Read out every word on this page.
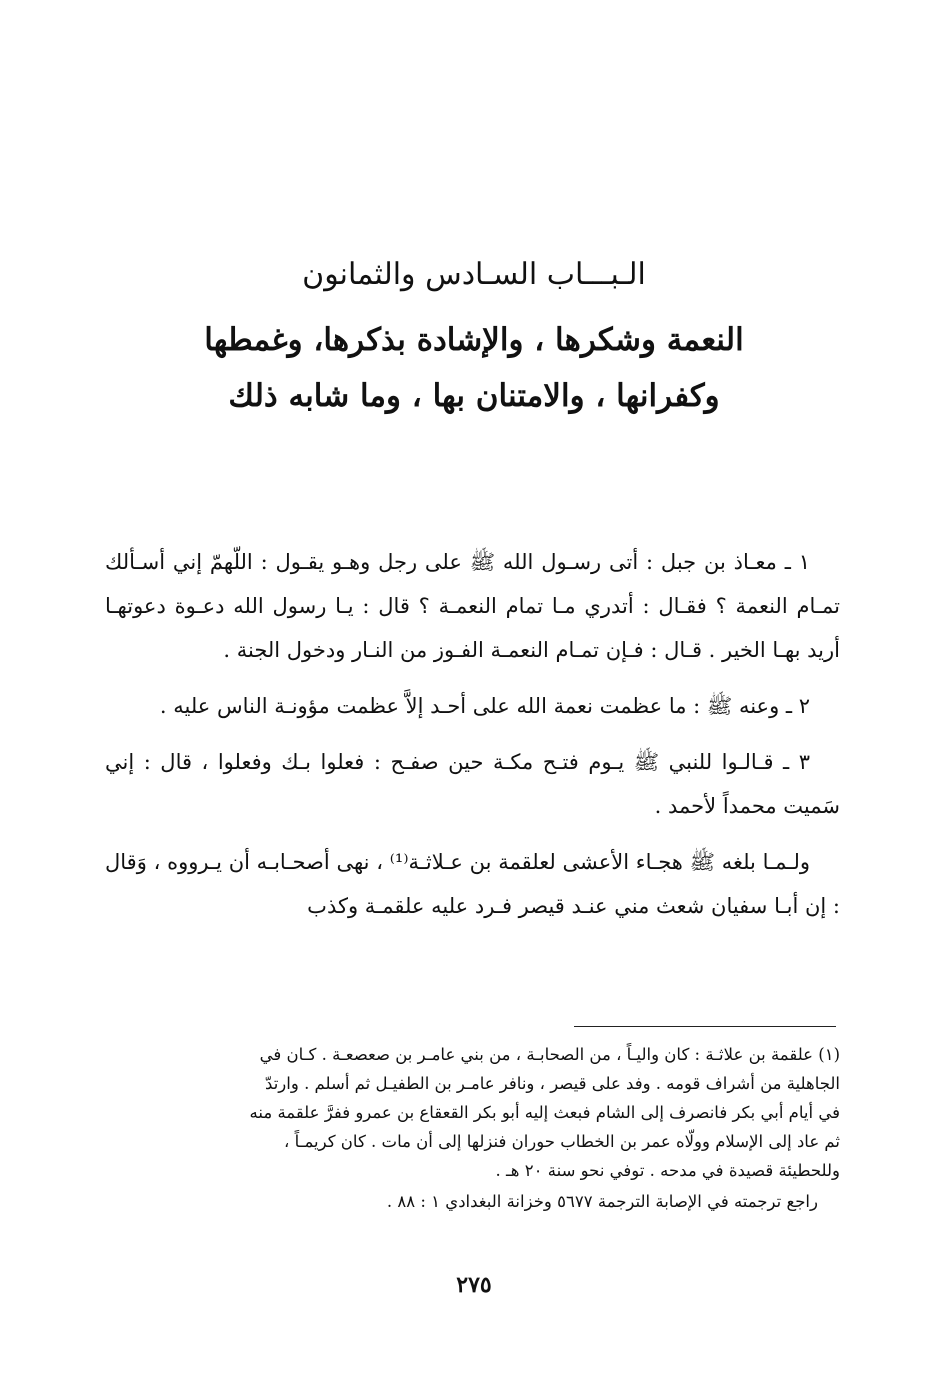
الـبـــاب السـادس والثمانون
النعمة وشكرها ، والإشادة بذكرها، وغمطها
وكفرانها ، والامتنان بها ، وما شابه ذلك

١ ـ معـاذ بن جبل : أتى رسـول الله ﷺ على رجل وهـو يقـول : اللّهمّ إني أسـألك تمـام النعمة ؟ فقـال : أتدري مـا تمام النعمـة ؟ قال : يـا رسول الله دعـوة دعوتهـا أريد بهـا الخير . قـال : فـإن تمـام النعمـة الفـوز من النـار ودخول الجنة .

٢ ـ وعنه ﷺ : ما عظمت نعمة الله على أحـد إلاَّ عظمت مؤونـة الناس عليه .

٣ ـ قـالـوا للنبي ﷺ يـوم فتـح مكـة حين صفـح : فعلوا بـك وفعلوا ، قال : إني سَميت محمداً لأحمد .

ولـمـا بلغه ﷺ هجـاء الأعشى لعلقمة بن عـلاثـة⁽¹⁾ ، نهى أصحـابـه أن يـرووه ، وَقال : إن أبـا سفيان شعث مني عنـد قيصر فـرد عليه علقمـة وكذب

(١) علقمة بن علاثـة : كان واليـاً ، من الصحابـة ، من بني عامـر بن صعصعـة . كـان في

الجاهلية من أشراف قومه . وفد على قيصر ، ونافر عامـر بن الطفيـل ثم أسلم . وارتدّ

في أيام أبي بكر فانصرف إلى الشام فبعث إليه أبو بكر القعقاع بن عمرو ففرَّ علقمة منه

ثم عاد إلى الإسلام وولّاه عمر بن الخطاب حوران فنزلها إلى أن مات . كان كريمـاً ،

وللحطيئة قصيدة في مدحه . توفي نحو سنة ٢٠ هـ .

راجع ترجمته في الإصابة الترجمة ٥٦٧٧ وخزانة البغدادي ١ : ٨٨ .

٢٧٥
